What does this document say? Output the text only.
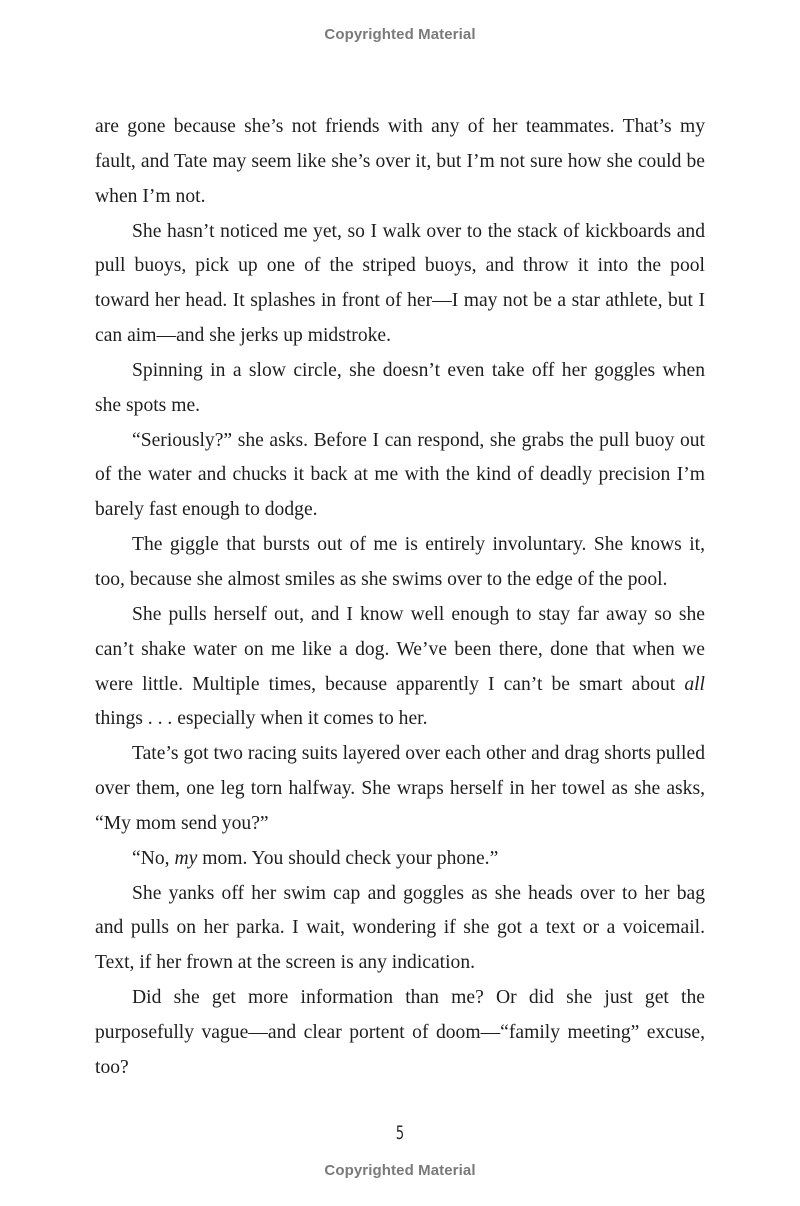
Copyrighted Material

are gone because she’s not friends with any of her teammates. That’s my fault, and Tate may seem like she’s over it, but I’m not sure how she could be when I’m not.

She hasn’t noticed me yet, so I walk over to the stack of kickboards and pull buoys, pick up one of the striped buoys, and throw it into the pool toward her head. It splashes in front of her—I may not be a star athlete, but I can aim—and she jerks up midstroke.

Spinning in a slow circle, she doesn’t even take off her goggles when she spots me.

“Seriously?” she asks. Before I can respond, she grabs the pull buoy out of the water and chucks it back at me with the kind of deadly precision I’m barely fast enough to dodge.

The giggle that bursts out of me is entirely involuntary. She knows it, too, because she almost smiles as she swims over to the edge of the pool.

She pulls herself out, and I know well enough to stay far away so she can’t shake water on me like a dog. We’ve been there, done that when we were little. Multiple times, because apparently I can’t be smart about all things . . . especially when it comes to her.

Tate’s got two racing suits layered over each other and drag shorts pulled over them, one leg torn halfway. She wraps herself in her towel as she asks, “My mom send you?”

“No, my mom. You should check your phone.”

She yanks off her swim cap and goggles as she heads over to her bag and pulls on her parka. I wait, wondering if she got a text or a voicemail. Text, if her frown at the screen is any indication.

Did she get more information than me? Or did she just get the purposefully vague—and clear portent of doom—“family meeting” excuse, too?

5
Copyrighted Material
